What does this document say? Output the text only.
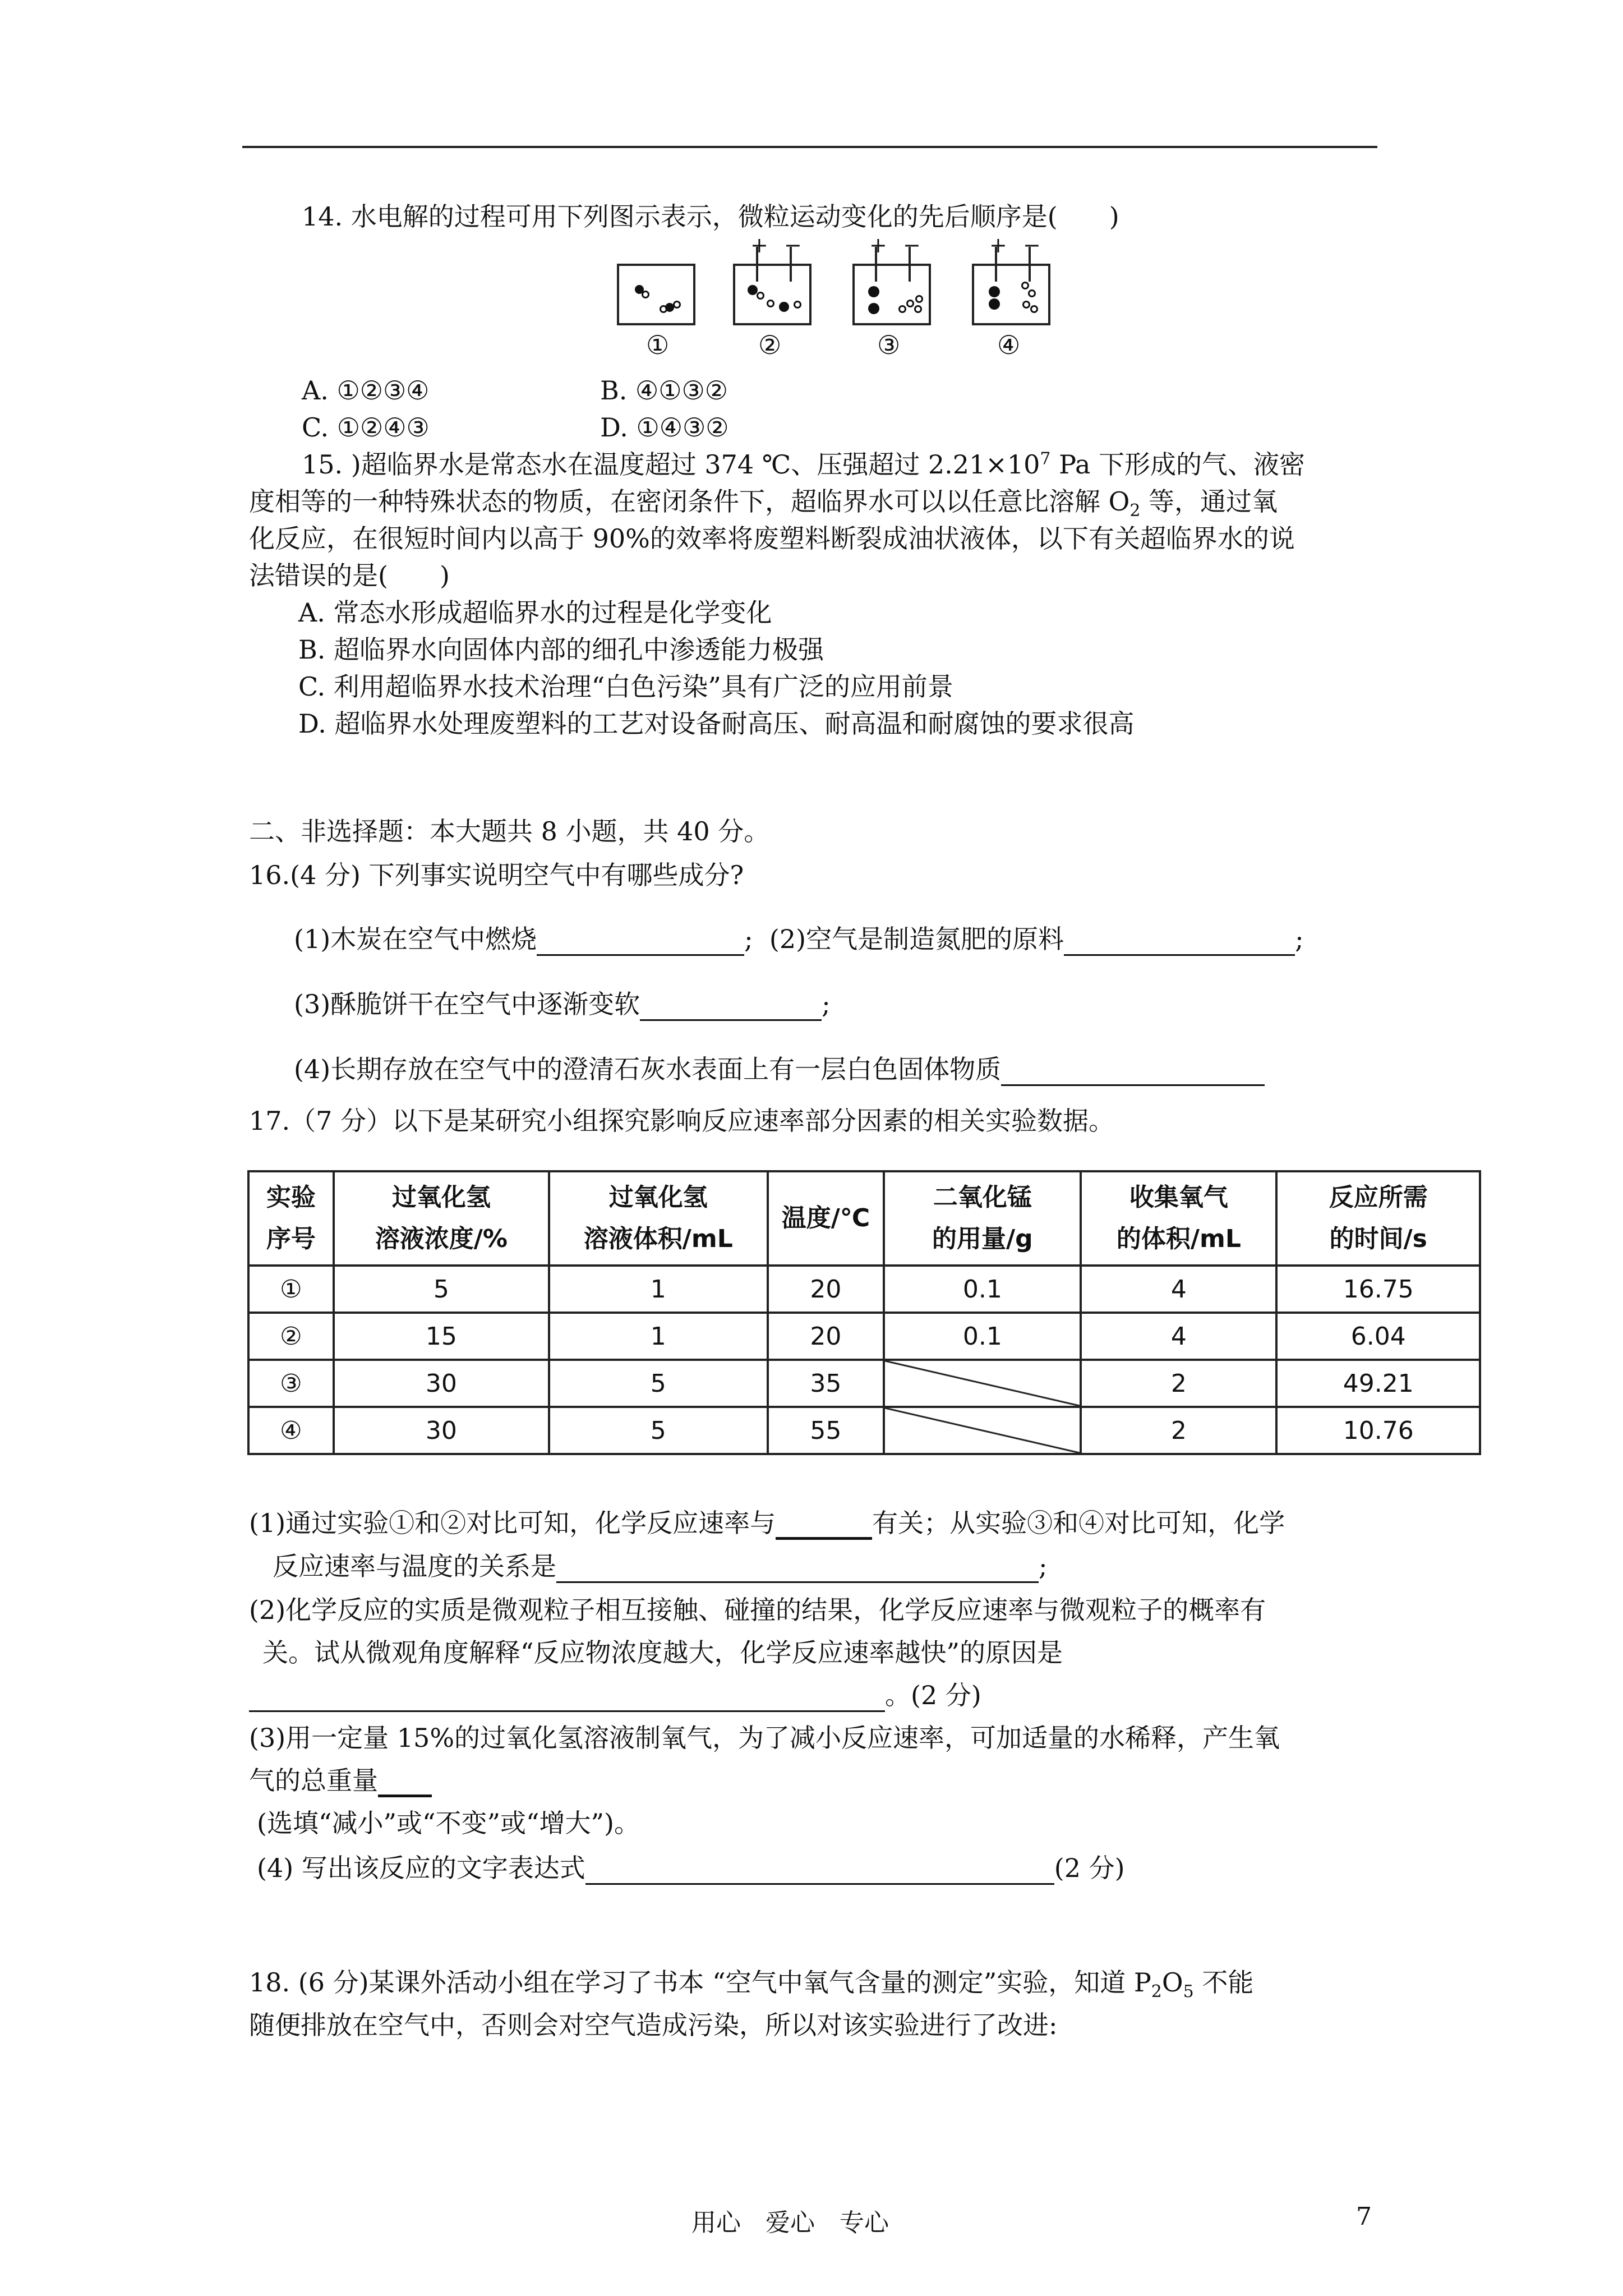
14. 水电解的过程可用下列图示表示，微粒运动变化的先后顺序是(　　)
①
+ −
②
+ −
③
+ −
④
A. ①②③④	B. ④①③②
C. ①②④③	D. ①④③②
15. )超临界水是常态水在温度超过 374 ℃、压强超过 $2.21\times 10^7$ Pa 下形成的气、液密
度相等的一种特殊状态的物质，在密闭条件下，超临界水可以以任意比溶解 $O_2$ 等，通过氧
化反应，在很短时间内以高于 90%的效率将废塑料断裂成油状液体，以下有关超临界水的说
法错误的是(　　)
A. 常态水形成超临界水的过程是化学变化
B. 超临界水向固体内部的细孔中渗透能力极强
C. 利用超临界水技术治理“白色污染”具有广泛的应用前景
D. 超临界水处理废塑料的工艺对设备耐高压、耐高温和耐腐蚀的要求很高
二、非选择题：本大题共 8 小题，共 40 分。
16.(4 分) 下列事实说明空气中有哪些成分?
(1)木炭在空气中燃烧	; (2)空气是制造氮肥的原料	;
(3)酥脆饼干在空气中逐渐变软	;
(4)长期存放在空气中的澄清石灰水表面上有一层白色固体物质
17.（7 分）以下是某研究小组探究影响反应速率部分因素的相关实验数据。
实验
序号	过氧化氢
溶液浓度/%	过氧化氢
溶液体积/mL	温度/℃	二氧化锰
的用量/g	收集氧气
的体积/mL	反应所需
的时间/s
①	5	1	20	0.1	4	16.75
②	15	1	20	0.1	4	6.04
③	30	5	35		2	49.21
④	30	5	55		2	10.76
(1)通过实验①和②对比可知，化学反应速率与	有关；从实验③和④对比可知，化学
反应速率与温度的关系是	;
(2)化学反应的实质是微观粒子相互接触、碰撞的结果，化学反应速率与微观粒子的概率有
关。试从微观角度解释“反应物浓度越大，化学反应速率越快”的原因是
。(2 分)
(3)用一定量 15%的过氧化氢溶液制氧气，为了减小反应速率，可加适量的水稀释，产生氧
气的总重量
(选填“减小”或“不变”或“增大”)。
(4) 写出该反应的文字表达式	(2 分)
18. (6 分)某课外活动小组在学习了书本 “空气中氧气含量的测定”实验，知道 $P_2O_5$ 不能
随便排放在空气中，否则会对空气造成污染，所以对该实验进行了改进:
用心　爱心　专心	7
